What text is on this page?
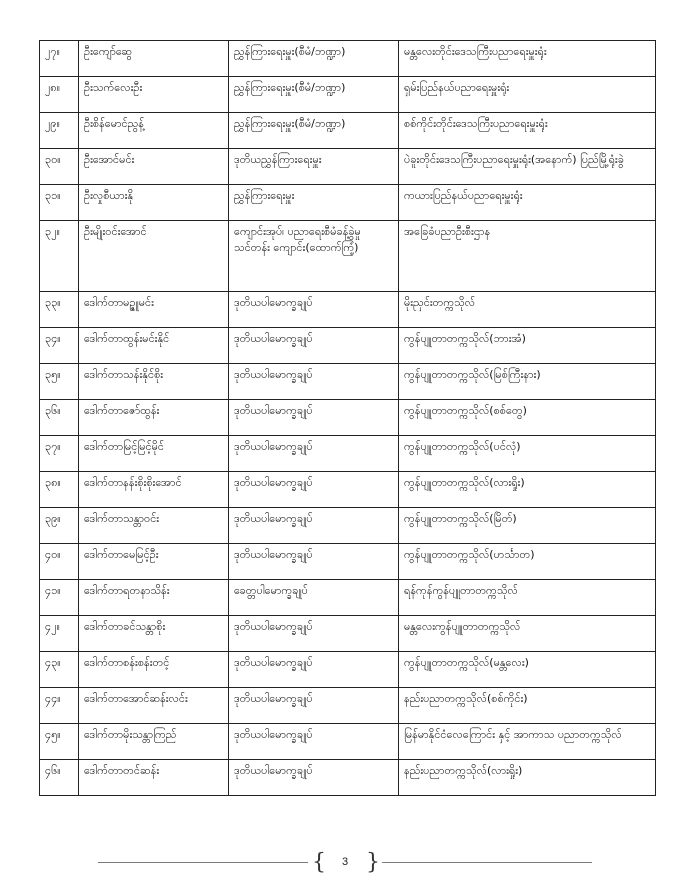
၂၇။	ဦးကျော်ဆွေ	ညွှန်ကြားရေးမှူး(စီမံ/ဘဏ္ဍာ)	မန္တလေးတိုင်းဒေသကြီးပညာရေးမှူးရုံး
၂၈။	ဦးသက်လေးဦး	ညွှန်ကြားရေးမှူး(စီမံ/ဘဏ္ဍာ)	ရှမ်းပြည်နယ်ပညာရေးမှူးရုံး
၂၉။	ဦးစိန်မောင်ညွန့်	ညွှန်ကြားရေးမှူး(စီမံ/ဘဏ္ဍာ)	စစ်ကိုင်းတိုင်းဒေသကြီးပညာရေးမှူးရုံး
၃၀။	ဦးအောင်မင်း	ဒုတိယညွှန်ကြားရေးမှူး	ပဲခူးတိုင်းဒေသကြီးပညာရေးမှူးရုံး(အနောက်) ပြည်မြို့ရုံးခွဲ
၃၁။	ဦးလှုစီယားနို	ညွှန်ကြားရေးမှူး	ကယားပြည်နယ်ပညာရေးမှူးရုံး
၃၂။	ဦးမျိုးဝင်းအောင်	ကျောင်းအုပ်၊ ပညာရေးစီမံခန့်ခွဲမှုသင်တန်း ကျောင်း(ထောက်ကြံ့)	အခြေခံပညာဦးစီးဌာန
၃၃။	ဒေါက်တာမဥ္ဇူမင်း	ဒုတိယပါမောက္ခချုပ်	မိုးညှင်းတက္ကသိုလ်
၃၄။	ဒေါက်တာထွန်းမင်းနိုင်	ဒုတိယပါမောက္ခချုပ်	ကွန်ပျူတာတက္ကသိုလ်(ဘားအံ)
၃၅။	ဒေါက်တာသန်းနိုင်စိုး	ဒုတိယပါမောက္ခချုပ်	ကွန်ပျူတာတက္ကသိုလ်(မြစ်ကြီးနား)
၃၆။	ဒေါက်တာဇော်ထွန်း	ဒုတိယပါမောက္ခချုပ်	ကွန်ပျူတာတက္ကသိုလ်(စစ်တွေ)
၃၇။	ဒေါက်တာမြင့်မြင့်မိုင်	ဒုတိယပါမောက္ခချုပ်	ကွန်ပျူတာတက္ကသိုလ်(ပင်လုံ)
၃၈။	ဒေါက်တာနန်းစိုးစိုးအောင်	ဒုတိယပါမောက္ခချုပ်	ကွန်ပျူတာတက္ကသိုလ်(လားရှိုး)
၃၉။	ဒေါက်တာသန္တာဝင်း	ဒုတိယပါမောက္ခချုပ်	ကွန်ပျူတာတက္ကသိုလ်(မြိတ်)
၄၀။	ဒေါက်တာမေမြင့်ဦး	ဒုတိယပါမောက္ခချုပ်	ကွန်ပျူတာတက္ကသိုလ်(ဟင်္သာတ)
၄၁။	ဒေါက်တာရတနာသိန်း	ခေတ္တပါမောက္ခချုပ်	ရန်ကုန်ကွန်ပျူတာတက္ကသိုလ်
၄၂။	ဒေါက်တာခင်သန္တာစိုး	ဒုတိယပါမောက္ခချုပ်	မန္တလေးကွန်ပျူတာတက္ကသိုလ်
၄၃။	ဒေါက်တာစန်းစန်းတင့်	ဒုတိယပါမောက္ခချုပ်	ကွန်ပျူတာတက္ကသိုလ်(မန္တလေး)
၄၄။	ဒေါက်တာအောင်ဆန်းလင်း	ဒုတိယပါမောက္ခချုပ်	နည်းပညာတက္ကသိုလ်(စစ်ကိုင်း)
၄၅။	ဒေါက်တာမိုးသန္တာကြည်	ဒုတိယပါမောက္ခချုပ်	မြန်မာနိုင်ငံလေကြောင်း နှင့် အာကာသ ပညာတက္ကသိုလ်
၄၆။	ဒေါက်တာတင်ဆန်း	ဒုတိယပါမောက္ခချုပ်	နည်းပညာတက္ကသိုလ်(လားရှိုး)
{ 3 }
